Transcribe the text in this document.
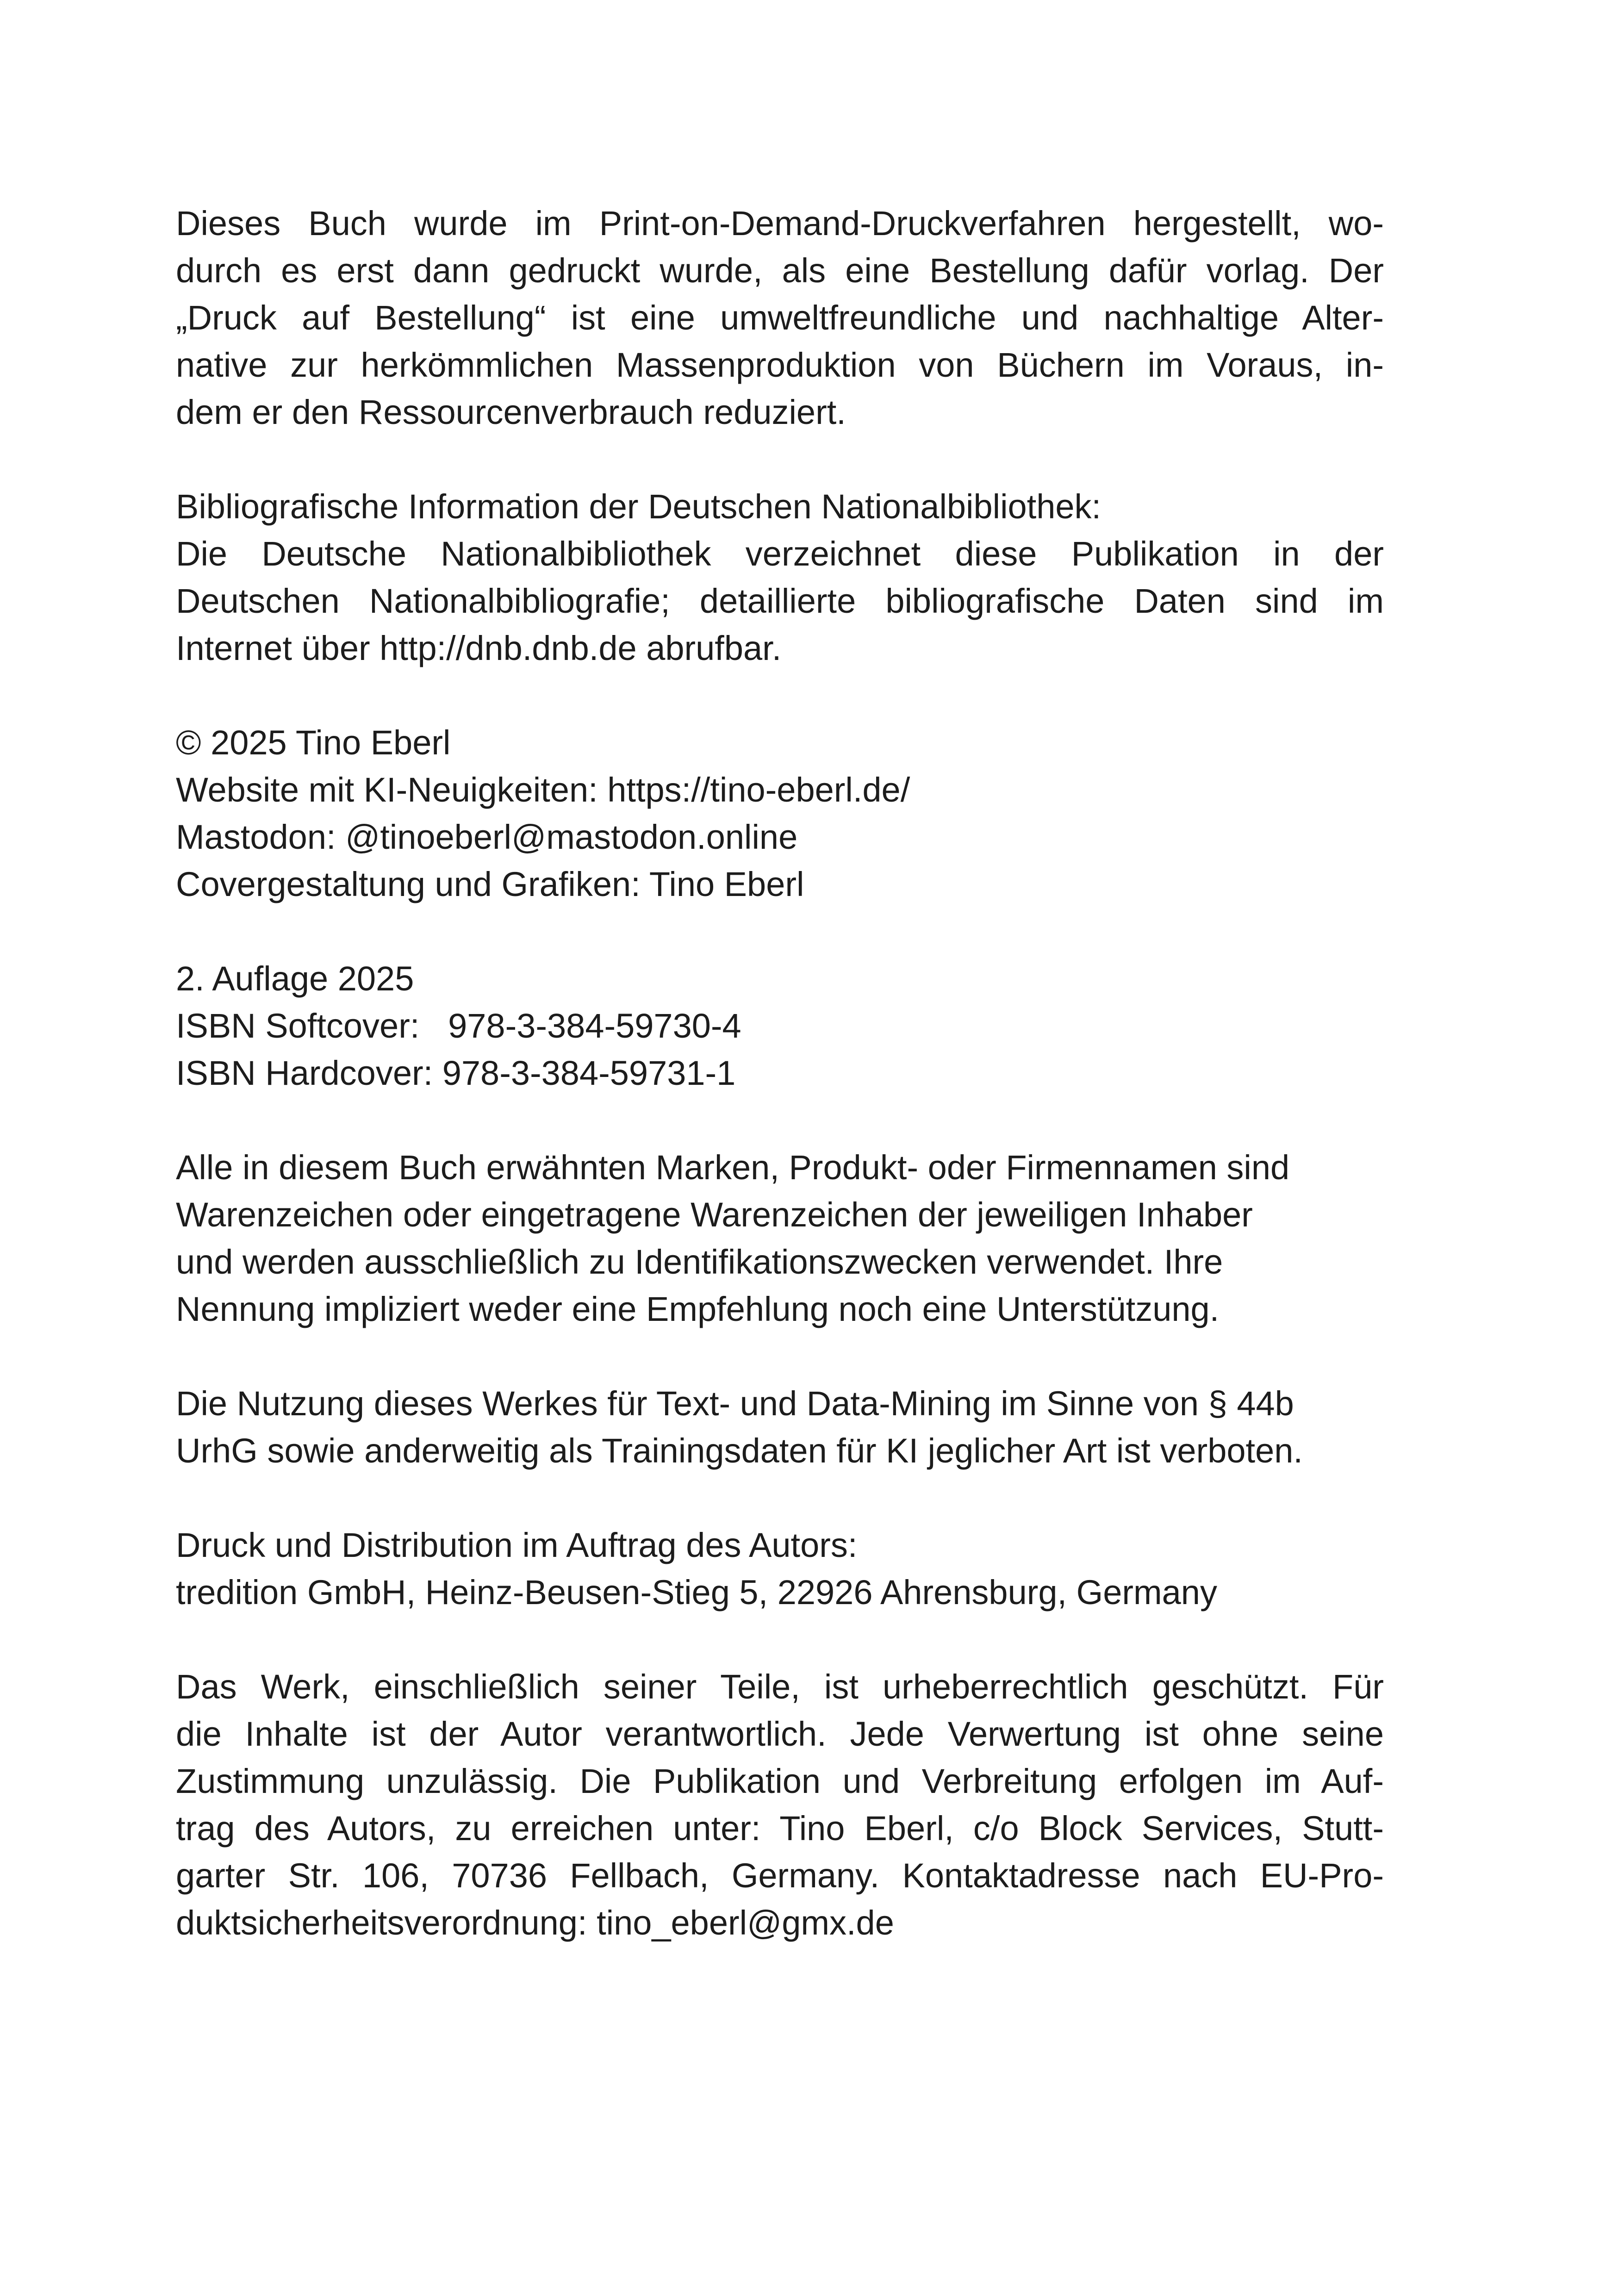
Dieses Buch wurde im Print-on-Demand-Druckverfahren hergestellt, wo-
durch es erst dann gedruckt wurde, als eine Bestellung dafür vorlag. Der
„Druck auf Bestellung“ ist eine umweltfreundliche und nachhaltige Alter-
native zur herkömmlichen Massenproduktion von Büchern im Voraus, in-
dem er den Ressourcenverbrauch reduziert.
Bibliografische Information der Deutschen Nationalbibliothek:
Die Deutsche Nationalbibliothek verzeichnet diese Publikation in der
Deutschen Nationalbibliografie; detaillierte bibliografische Daten sind im
Internet über http://dnb.dnb.de abrufbar.
© 2025 Tino Eberl
Website mit KI-Neuigkeiten: https://tino-eberl.de/
Mastodon: @tinoeberl@mastodon.online
Covergestaltung und Grafiken: Tino Eberl
2. Auflage 2025
ISBN Softcover:   978-3-384-59730-4
ISBN Hardcover: 978-3-384-59731-1
Alle in diesem Buch erwähnten Marken, Produkt- oder Firmennamen sind
Warenzeichen oder eingetragene Warenzeichen der jeweiligen Inhaber
und werden ausschließlich zu Identifikationszwecken verwendet. Ihre
Nennung impliziert weder eine Empfehlung noch eine Unterstützung.
Die Nutzung dieses Werkes für Text- und Data-Mining im Sinne von § 44b
UrhG sowie anderweitig als Trainingsdaten für KI jeglicher Art ist verboten.
Druck und Distribution im Auftrag des Autors:
tredition GmbH, Heinz-Beusen-Stieg 5, 22926 Ahrensburg, Germany
Das Werk, einschließlich seiner Teile, ist urheberrechtlich geschützt. Für
die Inhalte ist der Autor verantwortlich. Jede Verwertung ist ohne seine
Zustimmung unzulässig. Die Publikation und Verbreitung erfolgen im Auf-
trag des Autors, zu erreichen unter: Tino Eberl, c/o Block Services, Stutt-
garter Str. 106, 70736 Fellbach, Germany. Kontaktadresse nach EU-Pro-
duktsicherheitsverordnung: tino_eberl@gmx.de
